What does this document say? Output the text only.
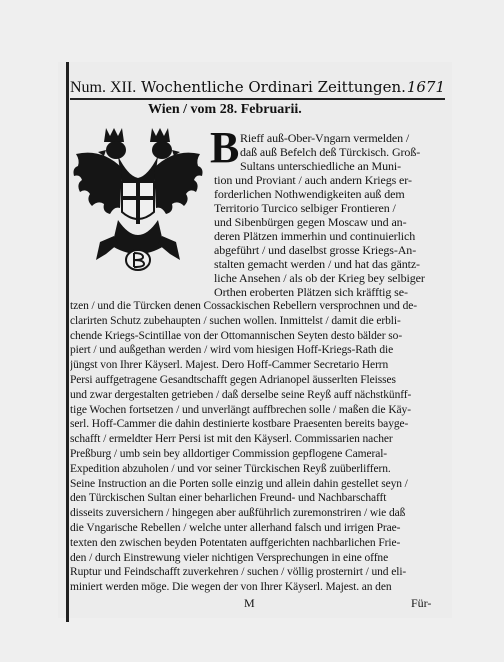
Num. XII. Wochentliche Ordinari Zeittungen. 1671
Wien / vom 28. Februarii.
B Rieff auß-Ober-Vngarn vermelden /
daß auß Befelch deß Türckisch. Groß-
Sultans unterschiedliche an Muni-
tion und Proviant / auch andern Kriegs er-
forderlichen Nothwendigkeiten auß dem
Territorio Turcico selbiger Frontieren /
und Sibenbürgen gegen Moscaw und an-
deren Plätzen immerhin und continuierlich
abgeführt / und daselbst grosse Kriegs-An-
stalten gemacht werden / und hat das gäntz-
liche Ansehen / als ob der Krieg bey selbiger
Orthen eroberten Plätzen sich kräfftig se-
tzen / und die Türcken denen Cossackischen Rebellern versprochnen und de-
clarirten Schutz zubehaupten / suchen wollen. Inmittelst / damit die erbli-
chende Kriegs-Scintillae von der Ottomannischen Seyten desto bälder so-
piert / und außgethan werden / wird vom hiesigen Hoff-Kriegs-Rath die
jüngst von Ihrer Käyserl. Majest. Dero Hoff-Cammer Secretario Herrn
Persi auffgetragene Gesandtschafft gegen Adrianopel äusserlten Fleisses
und zwar dergestalten getrieben / daß derselbe seine Reyß auff nächstkünff-
tige Wochen fortsetzen / und unverlängt auffbrechen solle / maßen die Käy-
serl. Hoff-Cammer die dahin destinierte kostbare Praesenten bereits bayge-
schafft / ermeldter Herr Persi ist mit den Käyserl. Commissarien nacher
Preßburg / umb sein bey alldortiger Commission gepflogene Cameral-
Expedition abzuholen / und vor seiner Türckischen Reyß zuüberliffern.
Seine Instruction an die Porten solle einzig und allein dahin gestellet seyn /
den Türckischen Sultan einer beharlichen Freund- und Nachbarschafft
disseits zuversichern / hingegen aber außführlich zuremonstriren / wie daß
die Vngarische Rebellen / welche unter allerhand falsch und irrigen Prae-
texten den zwischen beyden Potentaten auffgerichten nachbarlichen Frie-
den / durch Einstrewung vieler nichtigen Versprechungen in eine offne
Ruptur und Feindschafft zuverkehren / suchen / völlig prosternirt / und eli-
miniert werden möge. Die wegen der von Ihrer Käyserl. Majest. an den
M	Für-
